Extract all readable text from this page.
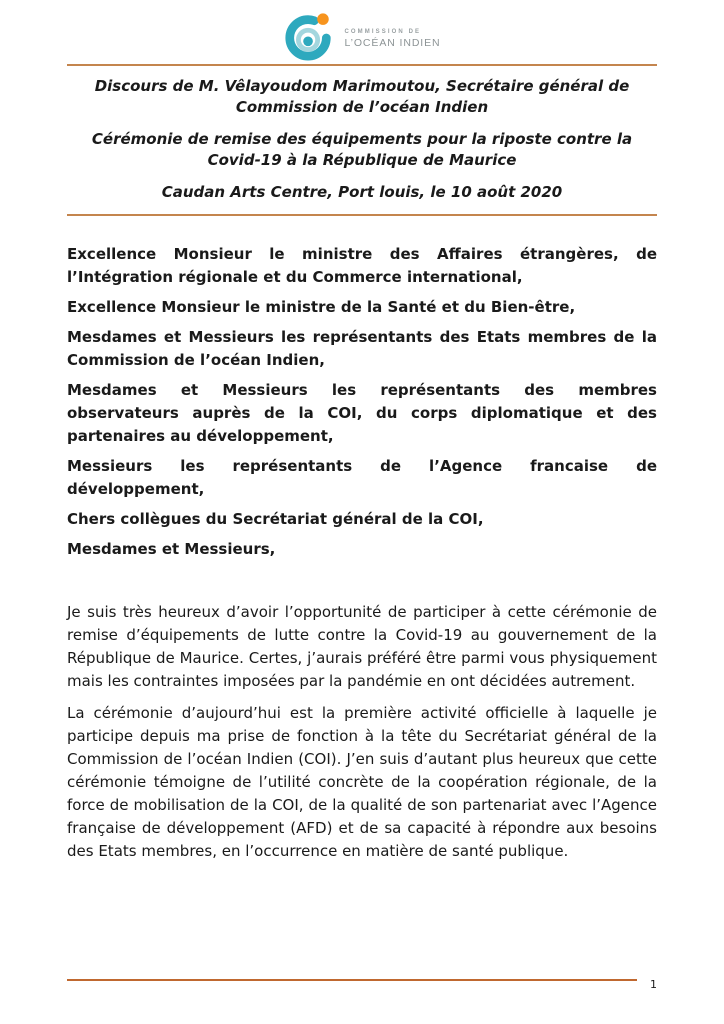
COMMISSION DE
L’OCÉAN INDIEN

Discours de M. Vêlayoudom Marimoutou, Secrétaire général de Commission de l’océan Indien

Cérémonie de remise des équipements pour la riposte contre la Covid-19 à la République de Maurice

Caudan Arts Centre, Port louis, le 10 août 2020

Excellence Monsieur le ministre des Affaires étrangères, de l’Intégration régionale et du Commerce international,

Excellence Monsieur le ministre de la Santé et du Bien-être,

Mesdames et Messieurs les représentants des Etats membres de la Commission de l’océan Indien,

Mesdames et Messieurs les représentants des membres observateurs auprès de la COI, du corps diplomatique et des partenaires au développement,

Messieurs les représentants de l’Agence francaise de développement,

Chers collègues du Secrétariat général de la COI,

Mesdames et Messieurs,

Je suis très heureux d’avoir l’opportunité de participer à cette cérémonie de remise d’équipements de lutte contre la Covid-19 au gouvernement de la République de Maurice. Certes, j’aurais préféré être parmi vous physiquement mais les contraintes imposées par la pandémie en ont décidées autrement.

La cérémonie d’aujourd’hui est la première activité officielle à laquelle je participe depuis ma prise de fonction à la tête du Secrétariat général de la Commission de l’océan Indien (COI). J’en suis d’autant plus heureux que cette cérémonie témoigne de l’utilité concrète de la coopération régionale, de la force de mobilisation de la COI, de la qualité de son partenariat avec l’Agence française de développement (AFD) et de sa capacité à répondre aux besoins des Etats membres, en l’occurrence en matière de santé publique.

1
